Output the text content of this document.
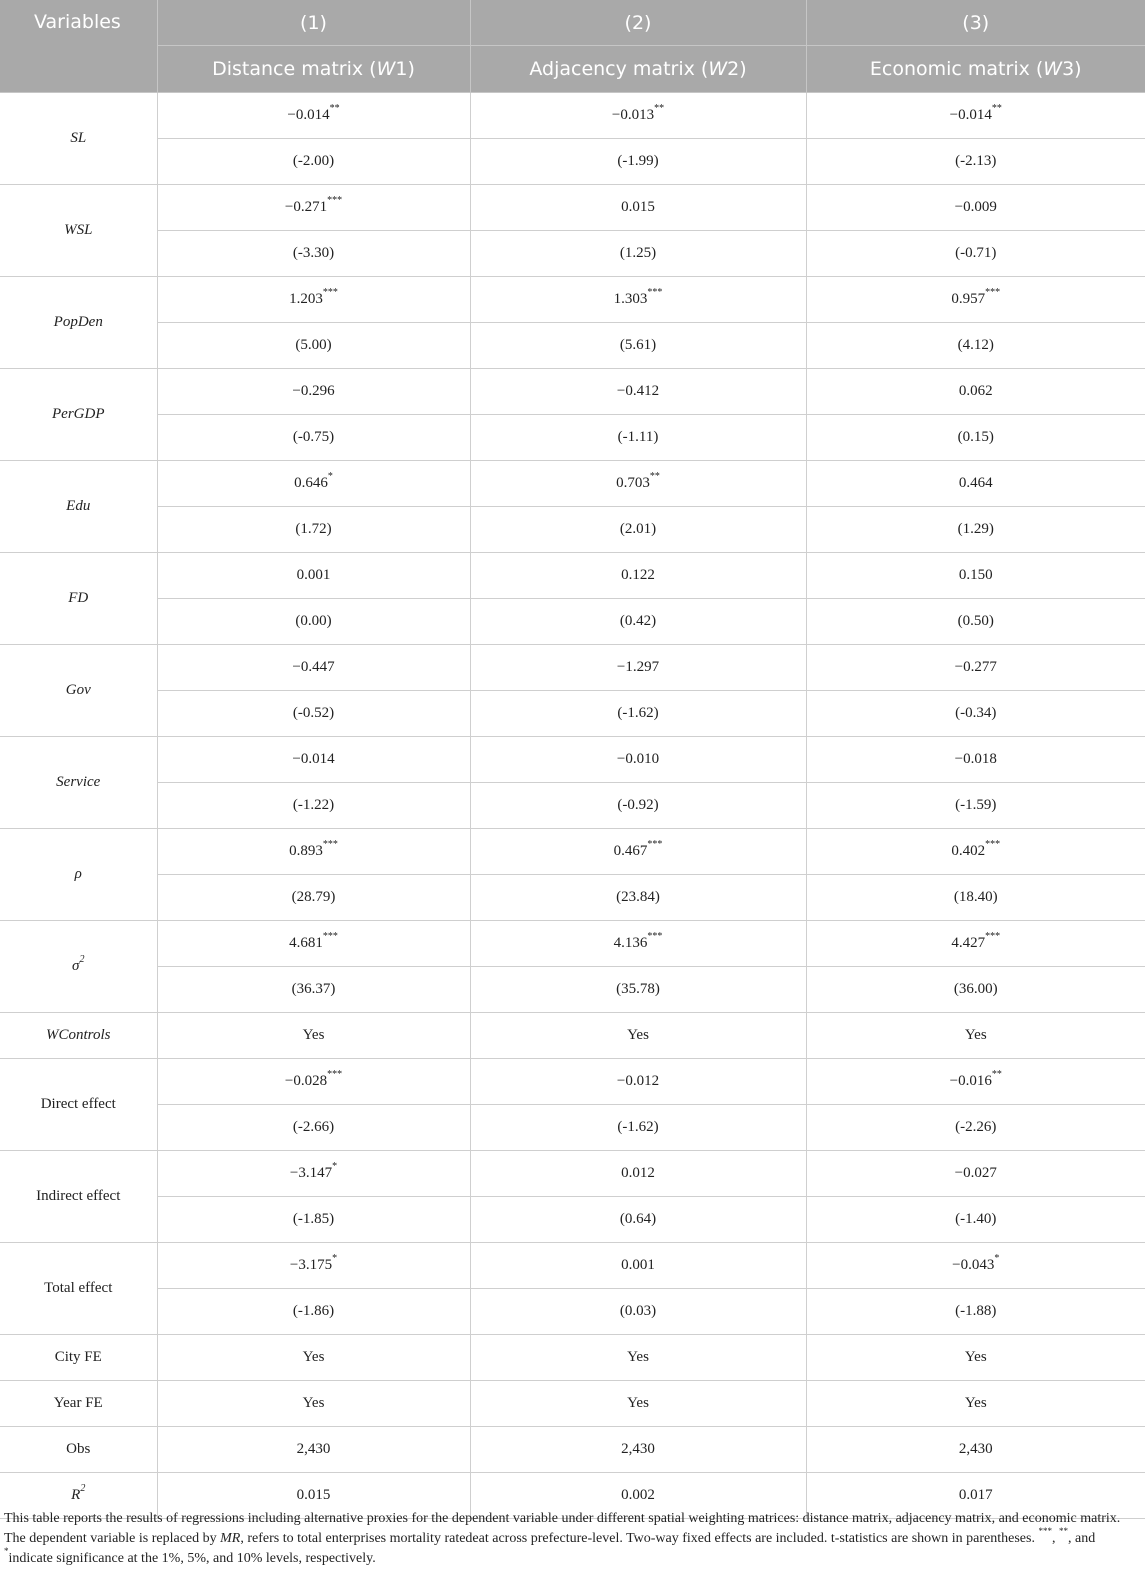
Variables	(1)	(2)	(3)
	Distance matrix (W1)	Adjacency matrix (W2)	Economic matrix (W3)
SL	−0.014**	−0.013**	−0.014**
	(-2.00)	(-1.99)	(-2.13)
WSL	−0.271***	0.015	−0.009
	(-3.30)	(1.25)	(-0.71)
PopDen	1.203***	1.303***	0.957***
	(5.00)	(5.61)	(4.12)
PerGDP	−0.296	−0.412	0.062
	(-0.75)	(-1.11)	(0.15)
Edu	0.646*	0.703**	0.464
	(1.72)	(2.01)	(1.29)
FD	0.001	0.122	0.150
	(0.00)	(0.42)	(0.50)
Gov	−0.447	−1.297	−0.277
	(-0.52)	(-1.62)	(-0.34)
Service	−0.014	−0.010	−0.018
	(-1.22)	(-0.92)	(-1.59)
ρ	0.893***	0.467***	0.402***
	(28.79)	(23.84)	(18.40)
$\sigma^2$	4.681***	4.136***	4.427***
	(36.37)	(35.78)	(36.00)
WControls	Yes	Yes	Yes
Direct effect	−0.028***	−0.012	−0.016**
	(-2.66)	(-1.62)	(-2.26)
Indirect effect	−3.147*	0.012	−0.027
	(-1.85)	(0.64)	(-1.40)
Total effect	−3.175*	0.001	−0.043*
	(-1.86)	(0.03)	(-1.88)
City FE	Yes	Yes	Yes
Year FE	Yes	Yes	Yes
Obs	2,430	2,430	2,430
$R^2$	0.015	0.002	0.017

This table reports the results of regressions including alternative proxies for the dependent variable under different spatial weighting matrices: distance matrix, adjacency matrix, and economic matrix. The dependent variable is replaced by MR, refers to total enterprises mortality ratedeat across prefecture-level. Two-way fixed effects are included. t-statistics are shown in parentheses. ***, **, and *indicate significance at the 1%, 5%, and 10% levels, respectively.
